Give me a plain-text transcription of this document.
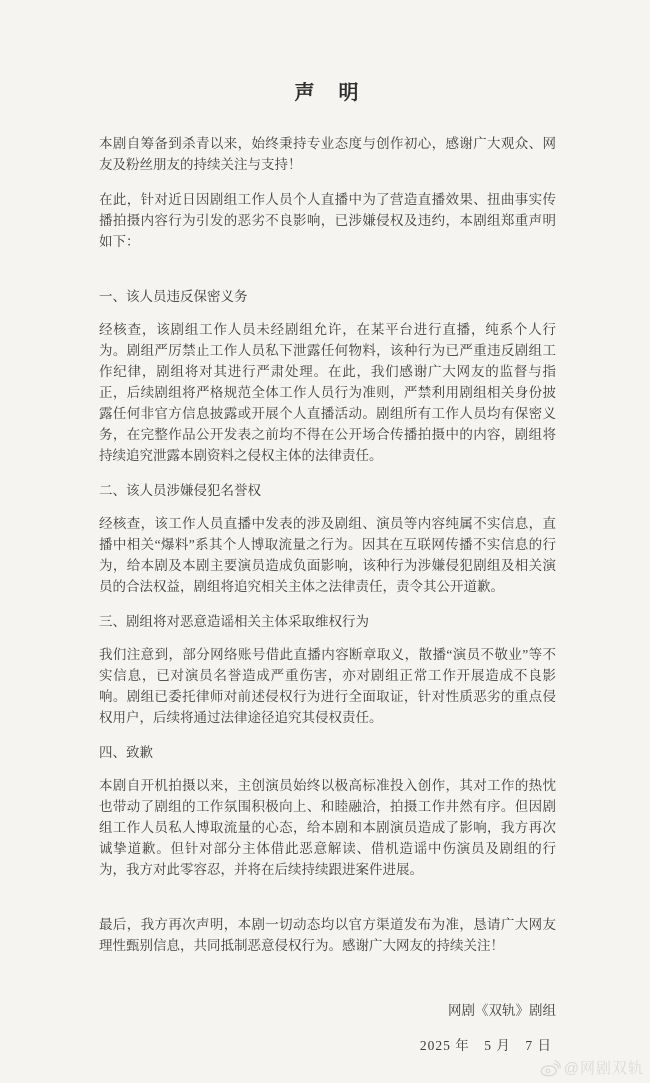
声　明

本剧自筹备到杀青以来，始终秉持专业态度与创作初心，感谢广大观众、网友及粉丝朋友的持续关注与支持！

在此，针对近日因剧组工作人员个人直播中为了营造直播效果、扭曲事实传播拍摄内容行为引发的恶劣不良影响，已涉嫌侵权及违约，本剧组郑重声明如下：

一、该人员违反保密义务

经核查，该剧组工作人员未经剧组允许，在某平台进行直播，纯系个人行为。剧组严厉禁止工作人员私下泄露任何物料，该种行为已严重违反剧组工作纪律，剧组将对其进行严肃处理。在此，我们感谢广大网友的监督与指正，后续剧组将严格规范全体工作人员行为准则，严禁利用剧组相关身份披露任何非官方信息披露或开展个人直播活动。剧组所有工作人员均有保密义务，在完整作品公开发表之前均不得在公开场合传播拍摄中的内容，剧组将持续追究泄露本剧资料之侵权主体的法律责任。

二、该人员涉嫌侵犯名誉权

经核查，该工作人员直播中发表的涉及剧组、演员等内容纯属不实信息，直播中相关“爆料”系其个人博取流量之行为。因其在互联网传播不实信息的行为，给本剧及本剧主要演员造成负面影响，该种行为涉嫌侵犯剧组及相关演员的合法权益，剧组将追究相关主体之法律责任，责令其公开道歉。

三、剧组将对恶意造谣相关主体采取维权行为

我们注意到，部分网络账号借此直播内容断章取义，散播“演员不敬业”等不实信息，已对演员名誉造成严重伤害，亦对剧组正常工作开展造成不良影响。剧组已委托律师对前述侵权行为进行全面取证，针对性质恶劣的重点侵权用户，后续将通过法律途径追究其侵权责任。

四、致歉

本剧自开机拍摄以来，主创演员始终以极高标准投入创作，其对工作的热忱也带动了剧组的工作氛围积极向上、和睦融洽，拍摄工作井然有序。但因剧组工作人员私人博取流量的心态，给本剧和本剧演员造成了影响，我方再次诚挚道歉。但针对部分主体借此恶意解读、借机造谣中伤演员及剧组的行为，我方对此零容忍，并将在后续持续跟进案件进展。

最后，我方再次声明，本剧一切动态均以官方渠道发布为准，恳请广大网友理性甄别信息，共同抵制恶意侵权行为。感谢广大网友的持续关注！

网剧《双轨》剧组
2025 年　5 月　7 日
@网剧双轨
